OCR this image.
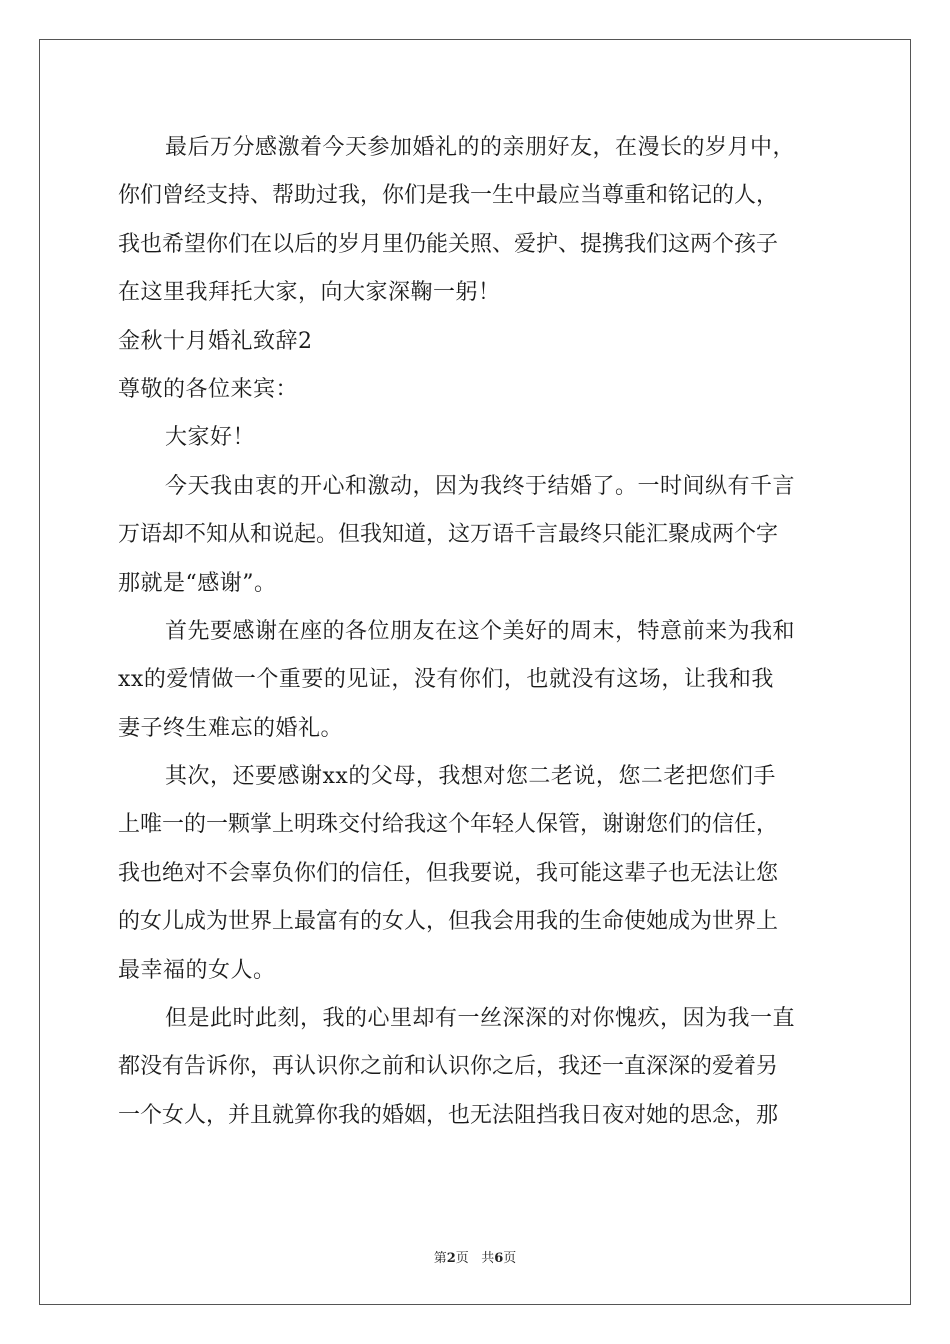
最后万分感激着今天参加婚礼的的亲朋好友，在漫长的岁月中，
你们曾经支持、帮助过我，你们是我一生中最应当尊重和铭记的人，
我也希望你们在以后的岁月里仍能关照、爱护、提携我们这两个孩子
在这里我拜托大家，向大家深鞠一躬！
金秋十月婚礼致辞2
尊敬的各位来宾：
大家好！
今天我由衷的开心和激动，因为我终于结婚了。一时间纵有千言
万语却不知从和说起。但我知道，这万语千言最终只能汇聚成两个字
那就是“感谢”。
首先要感谢在座的各位朋友在这个美好的周末，特意前来为我和
xx的爱情做一个重要的见证，没有你们，也就没有这场，让我和我
妻子终生难忘的婚礼。
其次，还要感谢xx的父母，我想对您二老说，您二老把您们手
上唯一的一颗掌上明珠交付给我这个年轻人保管，谢谢您们的信任，
我也绝对不会辜负你们的信任，但我要说，我可能这辈子也无法让您
的女儿成为世界上最富有的女人，但我会用我的生命使她成为世界上
最幸福的女人。
但是此时此刻，我的心里却有一丝深深的对你愧疚，因为我一直
都没有告诉你，再认识你之前和认识你之后，我还一直深深的爱着另
一个女人，并且就算你我的婚姻，也无法阻挡我日夜对她的思念，那
第2页 共6页
